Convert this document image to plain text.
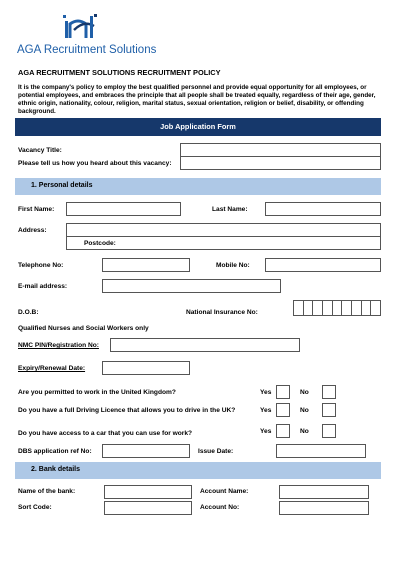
AGA Recruitment Solutions
AGA RECRUITMENT SOLUTIONS RECRUITMENT POLICY
It is the company's policy to employ the best qualified personnel and provide equal opportunity for all employees, or potential employees, and embraces the principle that all people shall be treated equally, regardless of their age, gender, ethnic origin, nationality, colour, religion, marital status, sexual orientation, religion or belief, disability, or offending background.
Job Application Form
Vacancy Title:
Please tell us how you heard about this vacancy:
1. Personal details
First Name:	Last Name:
Address:
Postcode:
Telephone No:	Mobile No:
E-mail address:
D.O.B:	National Insurance No:
Qualified Nurses and Social Workers only
NMC PIN/Registration No:
Expiry/Renewal Date:
Are you permitted to work in the United Kingdom?	Yes	No
Do you have a full Driving Licence that allows you to drive in the UK?	Yes	No
Do you have access to a car that you can use for work?	Yes	No
DBS application ref No:	Issue Date:
2. Bank details
Name of the bank:	Account Name:
Sort Code:	Account No:
